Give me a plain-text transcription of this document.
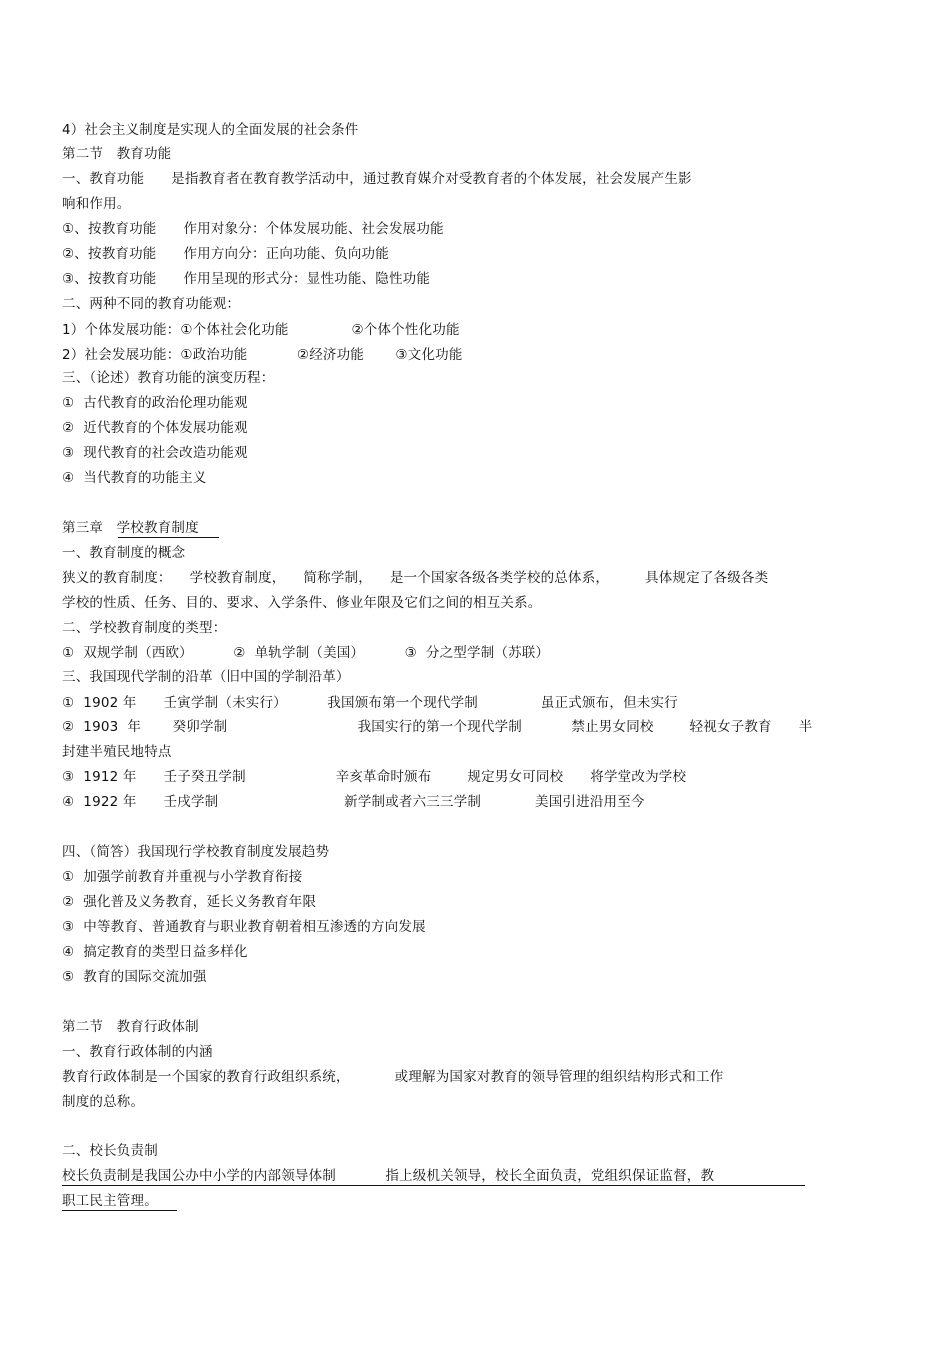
4）社会主义制度是实现人的全面发展的社会条件
第二节   教育功能
一、教育功能      是指教育者在教育教学活动中，通过教育媒介对受教育者的个体发展，社会发展产生影
响和作用。
①、按教育功能      作用对象分：个体发展功能、社会发展功能
②、按教育功能      作用方向分：正向功能、负向功能
③、按教育功能      作用呈现的形式分：显性功能、隐性功能
二、两种不同的教育功能观：
1）个体发展功能：①个体社会化功能              ②个体个性化功能
2）社会发展功能：①政治功能           ②经济功能       ③文化功能
三、（论述）教育功能的演变历程：
①  古代教育的政治伦理功能观
②  近代教育的个体发展功能观
③  现代教育的社会改造功能观
④  当代教育的功能主义
第三章   学校教育制度
一、教育制度的概念
狭义的教育制度：    学校教育制度，    简称学制，    是一个国家各级各类学校的总体系，        具体规定了各级各类
学校的性质、任务、目的、要求、入学条件、修业年限及它们之间的相互关系。
二、学校教育制度的类型：
①  双规学制（西欧）         ②  单轨学制（美国）         ③  分之型学制（苏联）
三、我国现代学制的沿革（旧中国的学制沿革）
①  1902 年      壬寅学制（未实行）         我国颁布第一个现代学制              虽正式颁布，但未实行
②  1903  年       癸卯学制                             我国实行的第一个现代学制           禁止男女同校        轻视女子教育      半
封建半殖民地特点
③  1912 年      壬子癸丑学制                    辛亥革命时颁布        规定男女可同校      将学堂改为学校
④  1922 年      壬戌学制                            新学制或者六三三学制            美国引进沿用至今
四、（简答）我国现行学校教育制度发展趋势
①  加强学前教育并重视与小学教育衔接
②  强化普及义务教育，延长义务教育年限
③  中等教育、普通教育与职业教育朝着相互渗透的方向发展
④  搞定教育的类型日益多样化
⑤  教育的国际交流加强
第二节   教育行政体制
一、教育行政体制的内涵
教育行政体制是一个国家的教育行政组织系统，          或理解为国家对教育的领导管理的组织结构形式和工作
制度的总称。
二、校长负责制
校长负责制是我国公办中小学的内部领导体制           指上级机关领导，校长全面负责，党组织保证监督，教
职工民主管理。
